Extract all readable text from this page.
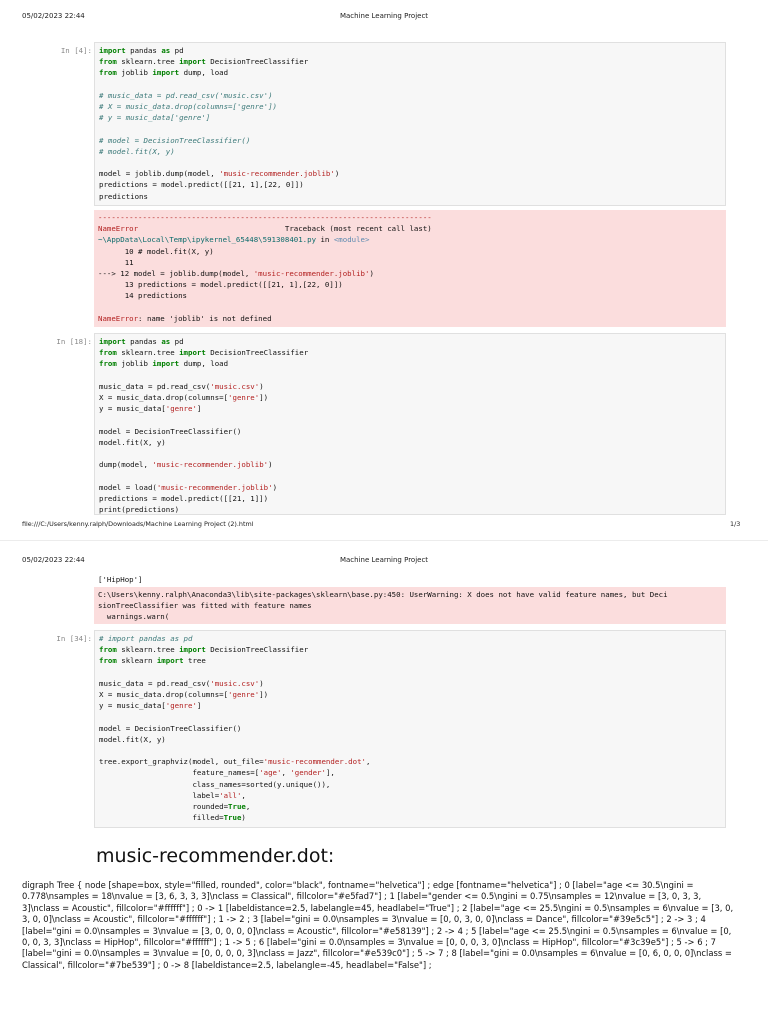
05/02/2023 22:44	Machine Learning Project
In [4]: import pandas as pd
from sklearn.tree import DecisionTreeClassifier
from joblib import dump, load
# music_data = pd.read_csv('music.csv')
# X = music_data.drop(columns=['genre'])
# y = music_data['genre']
# model = DecisionTreeClassifier()
# model.fit(X, y)
model = joblib.dump(model, 'music-recommender.joblib')
predictions = model.predict([[21, 1],[22, 0]])
predictions
---------------------------------------------------------------------------
NameError                                 Traceback (most recent call last)
~\AppData\Local\Temp\ipykernel_65448\591308401.py in <module>
10 # model.fit(X, y)
11
---> 12 model = joblib.dump(model, 'music-recommender.joblib')
13 predictions = model.predict([[21, 1],[22, 0]])
14 predictions
NameError: name 'joblib' is not defined
In [18]: import pandas as pd
from sklearn.tree import DecisionTreeClassifier
from joblib import dump, load
music_data = pd.read_csv('music.csv')
X = music_data.drop(columns=['genre'])
y = music_data['genre']
model = DecisionTreeClassifier()
model.fit(X, y)
dump(model, 'music-recommender.joblib')
model = load('music-recommender.joblib')
predictions = model.predict([[21, 1]])
print(predictions)
file:///C:/Users/kenny.ralph/Downloads/Machine Learning Project (2).html	1/3
05/02/2023 22:44	Machine Learning Project
['HipHop']
C:\Users\kenny.ralph\Anaconda3\lib\site-packages\sklearn\base.py:450: UserWarning: X does not have valid feature names, but Deci
sionTreeClassifier was fitted with feature names
warnings.warn(
In [34]: # import pandas as pd
from sklearn.tree import DecisionTreeClassifier
from sklearn import tree
music_data = pd.read_csv('music.csv')
X = music_data.drop(columns=['genre'])
y = music_data['genre']
model = DecisionTreeClassifier()
model.fit(X, y)
tree.export_graphviz(model, out_file='music-recommender.dot',
feature_names=['age', 'gender'],
class_names=sorted(y.unique()),
label='all',
rounded=True,
filled=True)
music-recommender.dot:
digraph Tree { node [shape=box, style="filled, rounded", color="black", fontname="helvetica"] ; edge [fontname="helvetica"] ; 0 [label="age <= 30.5\ngini = 0.778\nsamples = 18\nvalue = [3, 6, 3, 3, 3]\nclass = Classical", fillcolor="#e5fad7"] ; 1 [label="gender <= 0.5\ngini = 0.75\nsamples = 12\nvalue = [3, 0, 3, 3, 3]\nclass = Acoustic", fillcolor="#ffffff"] ; 0 -> 1 [labeldistance=2.5, labelangle=45, headlabel="True"] ; 2 [label="age <= 25.5\ngini = 0.5\nsamples = 6\nvalue = [3, 0, 3, 0, 0]\nclass = Acoustic", fillcolor="#ffffff"] ; 1 -> 2 ; 3 [label="gini = 0.0\nsamples = 3\nvalue = [0, 0, 3, 0, 0]\nclass = Dance", fillcolor="#39e5c5"] ; 2 -> 3 ; 4 [label="gini = 0.0\nsamples = 3\nvalue = [3, 0, 0, 0, 0]\nclass = Acoustic", fillcolor="#e58139"] ; 2 -> 4 ; 5 [label="age <= 25.5\ngini = 0.5\nsamples = 6\nvalue = [0, 0, 0, 3, 3]\nclass = HipHop", fillcolor="#ffffff"] ; 1 -> 5 ; 6 [label="gini = 0.0\nsamples = 3\nvalue = [0, 0, 0, 3, 0]\nclass = HipHop", fillcolor="#3c39e5"] ; 5 -> 6 ; 7 [label="gini = 0.0\nsamples = 3\nvalue = [0, 0, 0, 0, 3]\nclass = Jazz", fillcolor="#e539c0"] ; 5 -> 7 ; 8 [label="gini = 0.0\nsamples = 6\nvalue = [0, 6, 0, 0, 0]\nclass = Classical", fillcolor="#7be539"] ; 0 -> 8 [labeldistance=2.5, labelangle=-45, headlabel="False"] ;
